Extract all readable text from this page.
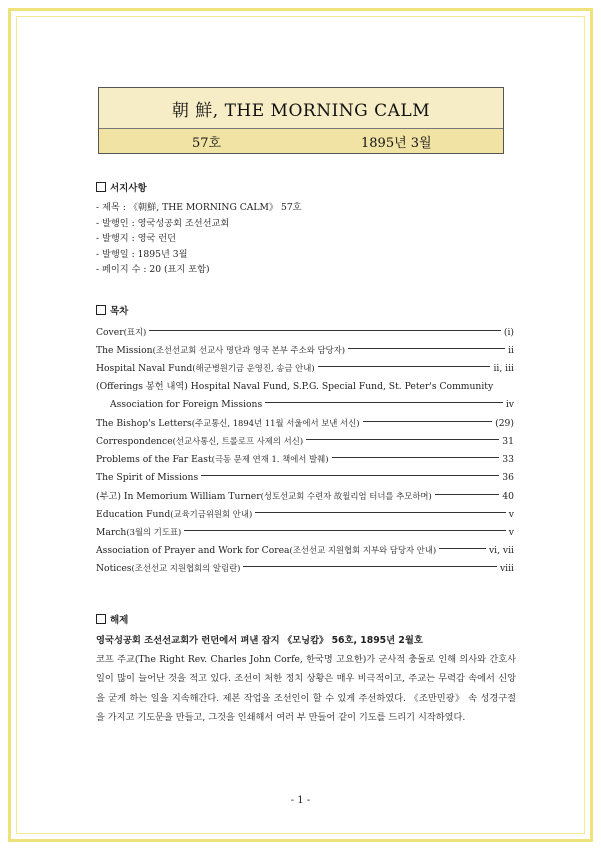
朝 鮮, THE MORNING CALM
57호	1895년 3월
서지사항
- 제목 : 《朝鮮, THE MORNING CALM》 57호
- 발행인 : 영국성공회 조선선교회
- 발행지 : 영국 런던
- 발행일 : 1895년 3월
- 페이지 수 : 20 (표지 포함)
목차
Cover (표지)	(i)
The Mission (조선선교회 선교사 명단과 영국 본부 주소와 담당자)	ii
Hospital Naval Fund (해군병원기금 운영진, 송금 안내)	ii, iii
(Offerings 봉헌 내역) Hospital Naval Fund, S.P.G. Special Fund, St. Peter's Community
Association for Foreign Missions	iv
The Bishop's Letters (주교통신, 1894년 11월 서울에서 보낸 서신)	(29)
Correspondence (선교사통신, 트롤로프 사제의 서신)	31
Problems of the Far East (극동 문제 연재 1. 책에서 발췌)	33
The Spirit of Missions	36
(부고) In Memorium William Turner (성토선교회 수련자 故윌리엄 터너를 추모하며)	40
Education Fund (교육기금위원회 안내)	v
March (3월의 기도표)	v
Association of Prayer and Work for Corea (조선선교 지원협회 지부와 담당자 안내)	vi, vii
Notices (조선선교 지원협회의 알림란)	viii
해제
영국성공회 조선선교회가 런던에서 펴낸 잡지 《모닝캄》 56호, 1895년 2월호
코프 주교(The Right Rev. Charles John Corfe, 한국명 고요한)가 군사적 충돌로 인해 의사와 간호사 일이 많이 늘어난 것을 적고 있다. 조선이 처한 정치 상황은 매우 비극적이고, 주교는 무력감 속에서 신앙을 굳게 하는 일을 지속해간다. 제본 작업을 조선인이 할 수 있게 주선하였다. 《조만민광》 속 성경구절을 가지고 기도문을 만들고, 그것을 인쇄해서 여러 부 만들어 같이 기도를 드리기 시작하였다.
- 1 -
